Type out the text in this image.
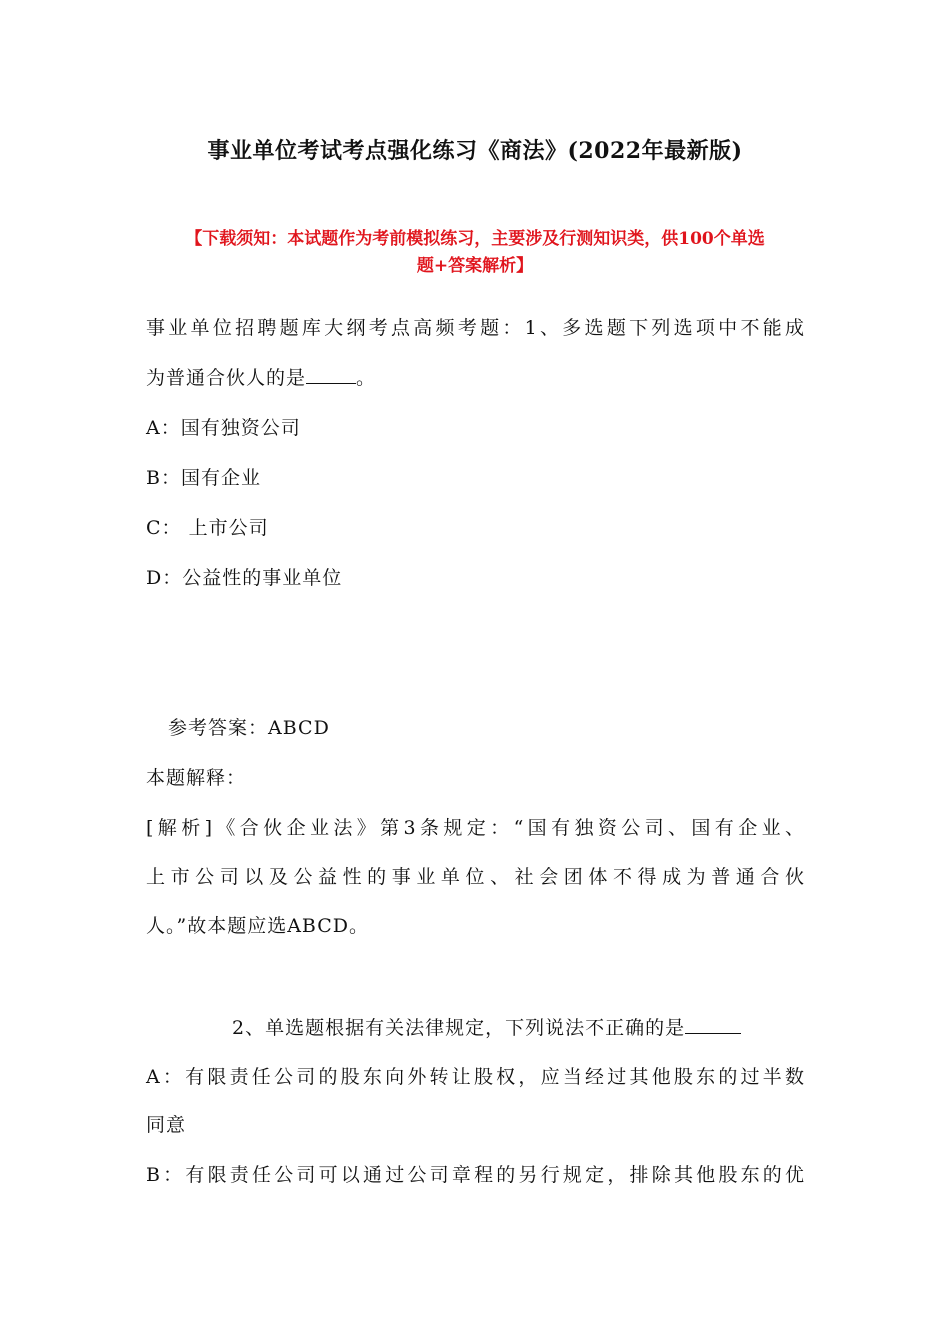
事业单位考试考点强化练习《商法》(2022年最新版)
【下载须知：本试题作为考前模拟练习，主要涉及行测知识类，供100个单选
题+答案解析】
事业单位招聘题库大纲考点高频考题：1、多选题下列选项中不能成
为普通合伙人的是	。
A：国有独资公司
B：国有企业
C： 上市公司
D：公益性的事业单位
参考答案：ABCD
本题解释：
[解析]《合伙企业法》第3条规定：“国有独资公司、国有企业、
上市公司以及公益性的事业单位、社会团体不得成为普通合伙
人。”故本题应选ABCD。
2、单选题根据有关法律规定，下列说法不正确的是
A：有限责任公司的股东向外转让股权，应当经过其他股东的过半数
同意
B：有限责任公司可以通过公司章程的另行规定，排除其他股东的优
